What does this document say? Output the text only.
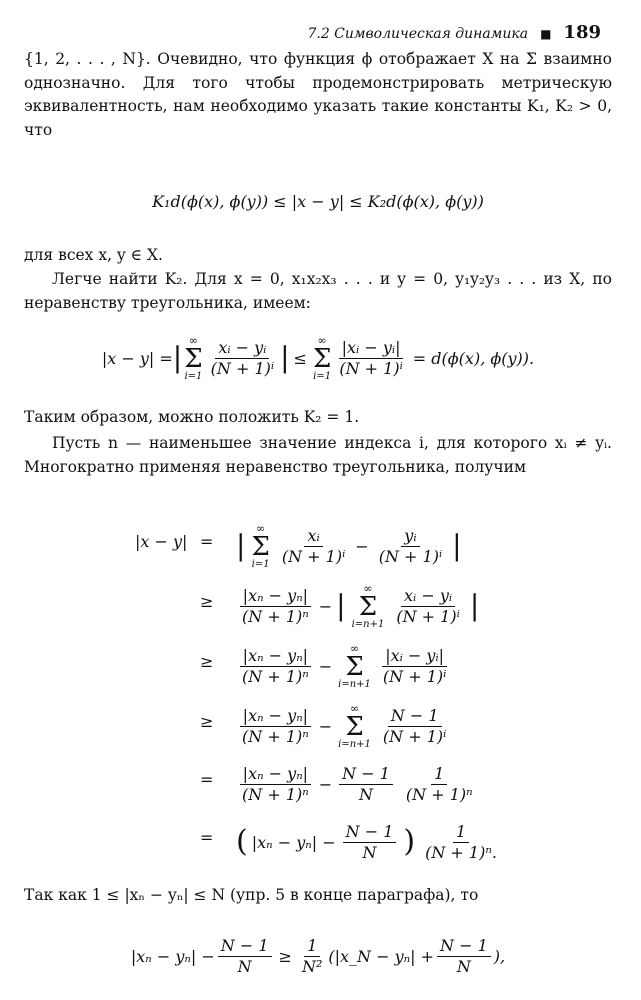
7.2 Символическая динамика ■ 189

{1, 2, . . . , N}. Очевидно, что функция ϕ отображает X на Σ взаимно однозначно. Для того чтобы продемонстрировать метрическую эквивалентность, нам необходимо указать такие константы K₁, K₂ > 0, что

K₁d(ϕ(x), ϕ(y)) ≤ |x − y| ≤ K₂d(ϕ(x), ϕ(y))

для всех x, y ∈ X.

Легче найти K₂. Для x = 0, x₁x₂x₃ . . . и y = 0, y₁y₂y₃ . . . из X, по неравенству треугольника, имеем:

|x − y| = |
∞
Σ
$i=1 \frac{\text{xᵢ − yᵢ}}{\text{(N + 1)ⁱ}}$ | ≤
∞
Σ
$i=1 \frac{\text{|xᵢ − yᵢ|}}{\text{(N + 1)ⁱ}} = d(\phi(x)$, ϕ(y)).

Таким образом, можно положить K₂ = 1.

Пусть n — наименьшее значение индекса i, для которого xᵢ ≠ yᵢ. Многократно применяя неравенство треугольника, получим

|x − y| = |
∞
Σ
$i=1 \frac{\text{xᵢ}}{\text{(N + 1)ⁱ}} - \frac{\text{yᵢ}}{\text{(N + 1)ⁱ}}$ |
≥ $\frac{\text{|xₙ − yₙ|}}{\text{(N + 1)ⁿ}}$ − |
∞
Σ
$i=n+1 \frac{\text{xᵢ − yᵢ}}{\text{(N + 1)ⁱ}}$ |
≥ $\frac{\text{|xₙ − yₙ|}}{\text{(N + 1)ⁿ}}$ −
∞
Σ
$i=n+1 \frac{\text{|xᵢ − yᵢ|}}{\text{(N + 1)ⁱ}}$
≥ $\frac{\text{|xₙ − yₙ|}}{\text{(N + 1)ⁿ}}$ −
∞
Σ
$i=n+1 \frac{N - 1}{\text{(N + 1)ⁱ}}$
= $\frac{\text{|xₙ − yₙ|}}{\text{(N + 1)ⁿ}} - \frac{N - 1}{N} \frac{1}{\text{(N + 1)ⁿ}}$
= ( $|x_n - y_n| - \frac{N - 1}{N}$ ) $\frac{1}{\text{(N + 1)ⁿ.}}$

Так как 1 ≤ |xₙ − yₙ| ≤ N (упр. 5 в конце параграфа), то

$|x_n - y_n| - \frac{N - 1}{N} \ge \frac{1}{\text{N²}}$ (|x_N − $y_n| + \frac{N - 1}{N}$ ),
